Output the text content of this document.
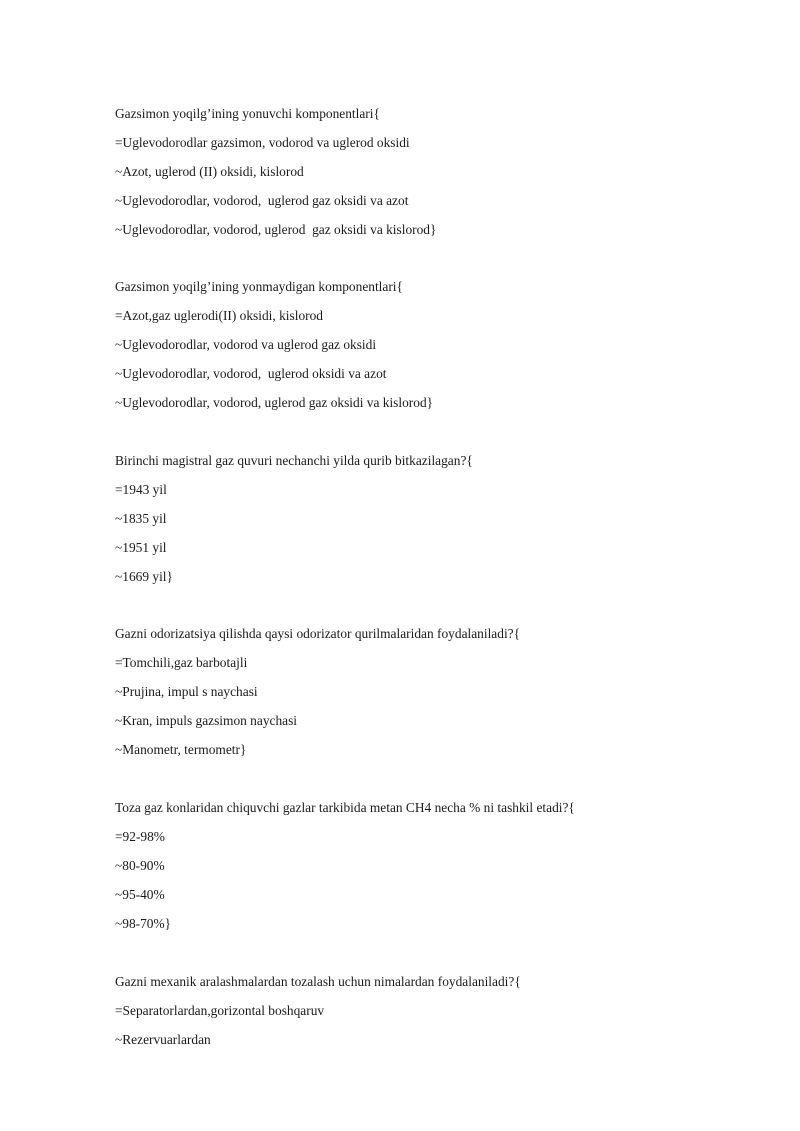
Gazsimon yoqilg’ining yonuvchi komponentlari{
=Uglevodorodlar gazsimon, vodorod va uglerod oksidi
~Azot, uglerod (II) oksidi, kislorod
~Uglevodorodlar, vodorod,  uglerod gaz oksidi va azot
~Uglevodorodlar, vodorod, uglerod  gaz oksidi va kislorod}
Gazsimon yoqilg’ining yonmaydigan komponentlari{
=Azot,gaz uglerodi(II) oksidi, kislorod
~Uglevodorodlar, vodorod va uglerod gaz oksidi
~Uglevodorodlar, vodorod,  uglerod oksidi va azot
~Uglevodorodlar, vodorod, uglerod gaz oksidi va kislorod}
Birinchi magistral gaz quvuri nechanchi yilda qurib bitkazilagan?{
=1943 yil
~1835 yil
~1951 yil
~1669 yil}
Gazni odorizatsiya qilishda qaysi odorizator qurilmalaridan foydalaniladi?{
=Tomchili,gaz barbotajli
~Prujina, impul s naychasi
~Kran, impuls gazsimon naychasi
~Manometr, termometr}
Toza gaz konlaridan chiquvchi gazlar tarkibida metan CH4 necha % ni tashkil etadi?{
=92-98%
~80-90%
~95-40%
~98-70%}
Gazni mexanik aralashmalardan tozalash uchun nimalardan foydalaniladi?{
=Separatorlardan,gorizontal boshqaruv
~Rezervuarlardan
